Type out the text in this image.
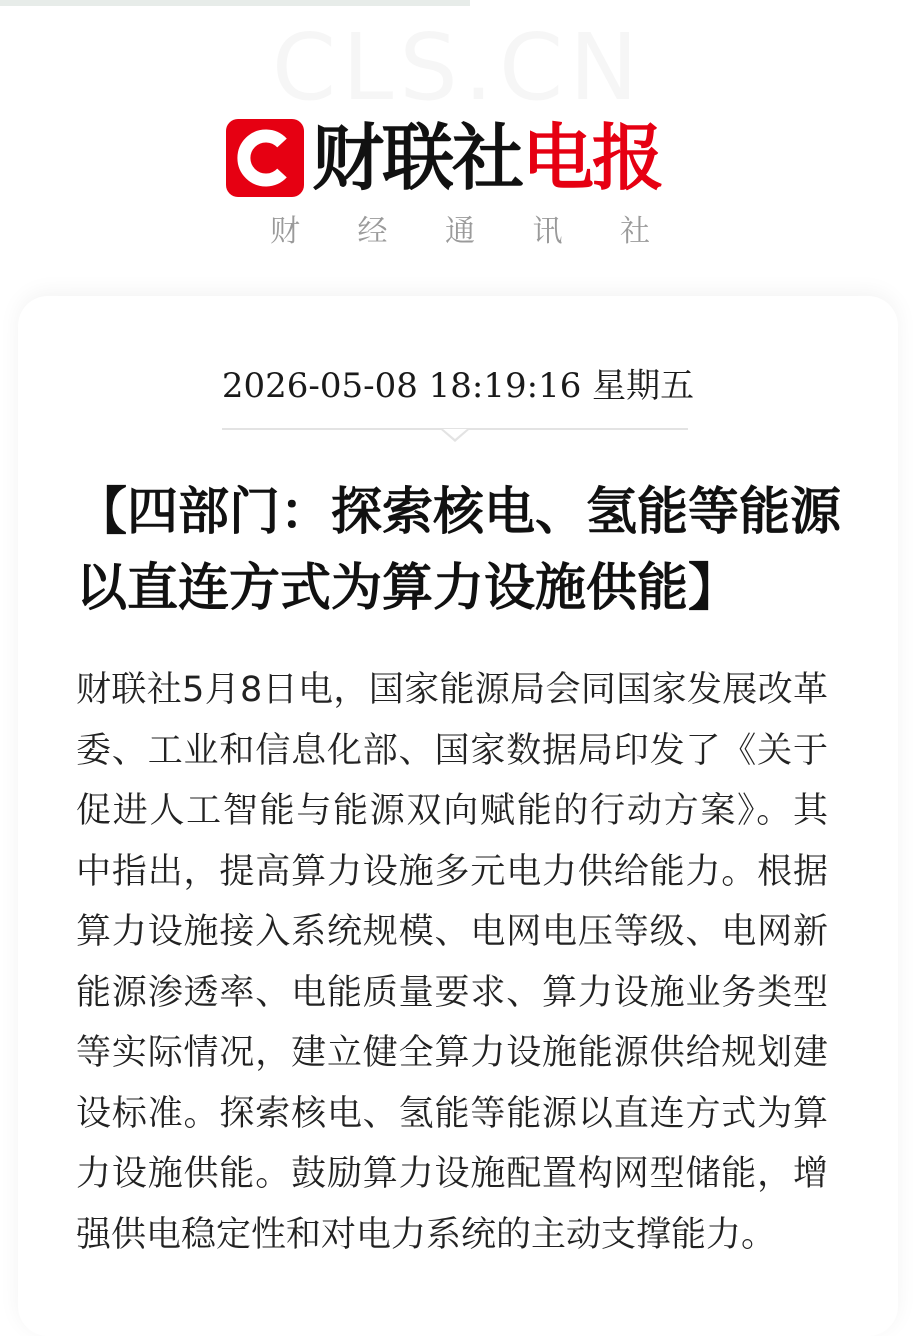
财联社 电报
财 经 通 讯 社
2026-05-08 18:19:16 星期五
【四部门：探索核电、氢能等能源以直连方式为算力设施供能】

财联社5月8日电，国家能源局会同国家发展改革委、工业和信息化部、国家数据局印发了《关于促进人工智能与能源双向赋能的行动方案》。其中指出，提高算力设施多元电力供给能力。根据算力设施接入系统规模、电网电压等级、电网新能源渗透率、电能质量要求、算力设施业务类型等实际情况，建立健全算力设施能源供给规划建设标准。探索核电、氢能等能源以直连方式为算力设施供能。鼓励算力设施配置构网型储能，增强供电稳定性和对电力系统的主动支撑能力。
